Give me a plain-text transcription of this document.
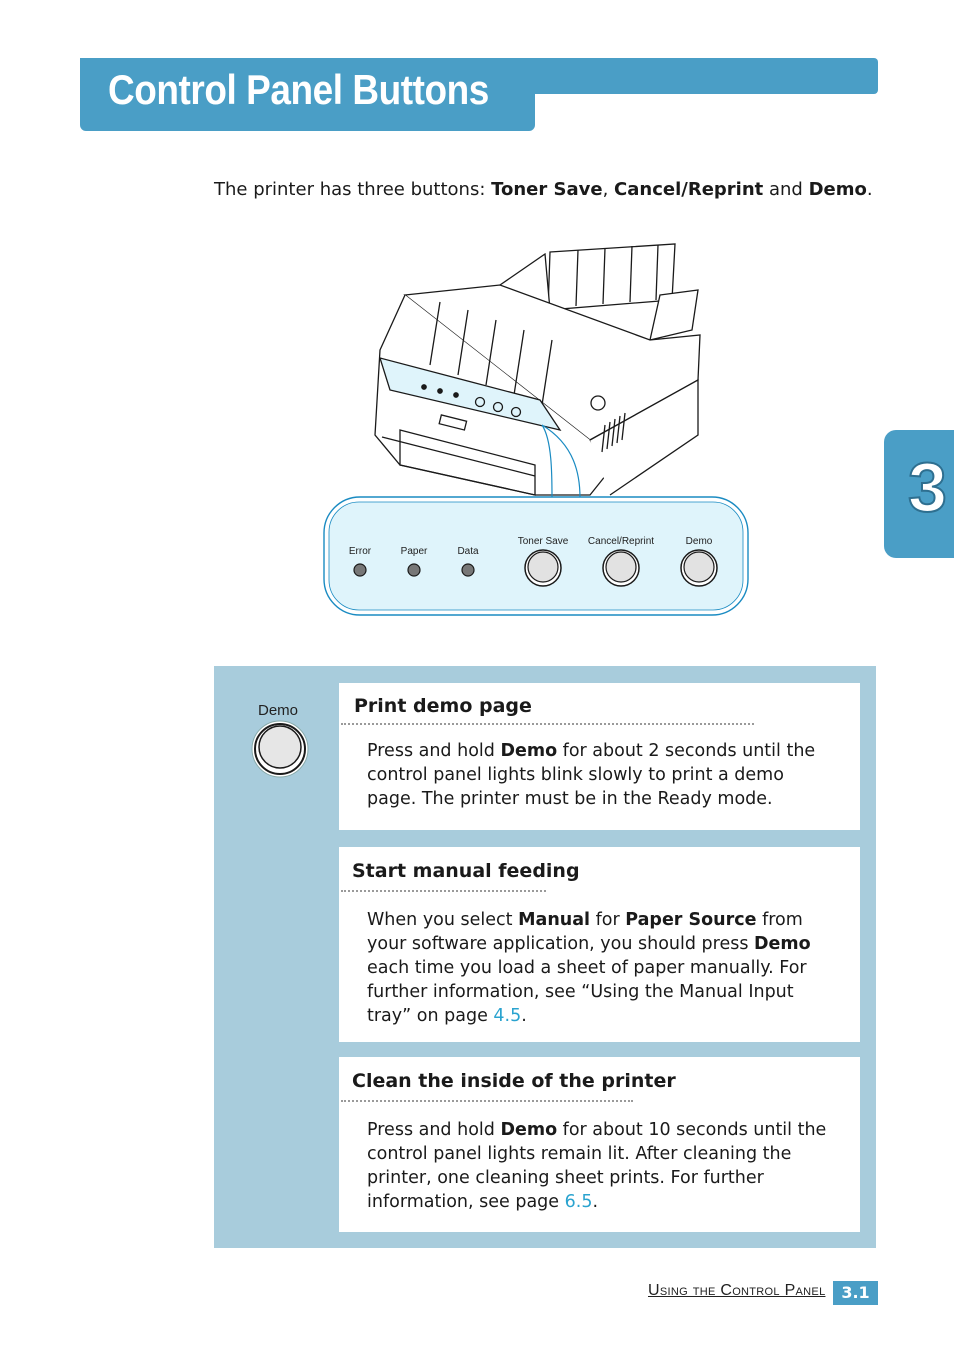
Control Panel Buttons
3
The printer has three buttons: Toner Save, Cancel/Reprint and Demo.
Error	Paper	Data
Toner Save Cancel/Reprint	Demo
Demo	Print demo page

Press and hold Demo for about 2 seconds until the control panel lights blink slowly to print a demo page. The printer must be in the Ready mode.

Start manual feeding

When you select Manual for Paper Source from your software application, you should press Demo each time you load a sheet of paper manually. For further information, see “Using the Manual Input tray” on page 4.5.

Clean the inside of the printer

Press and hold Demo for about 10 seconds until the control panel lights remain lit. After cleaning the printer, one cleaning sheet prints. For further information, see page 6.5.

Using the Control Panel 3.1
